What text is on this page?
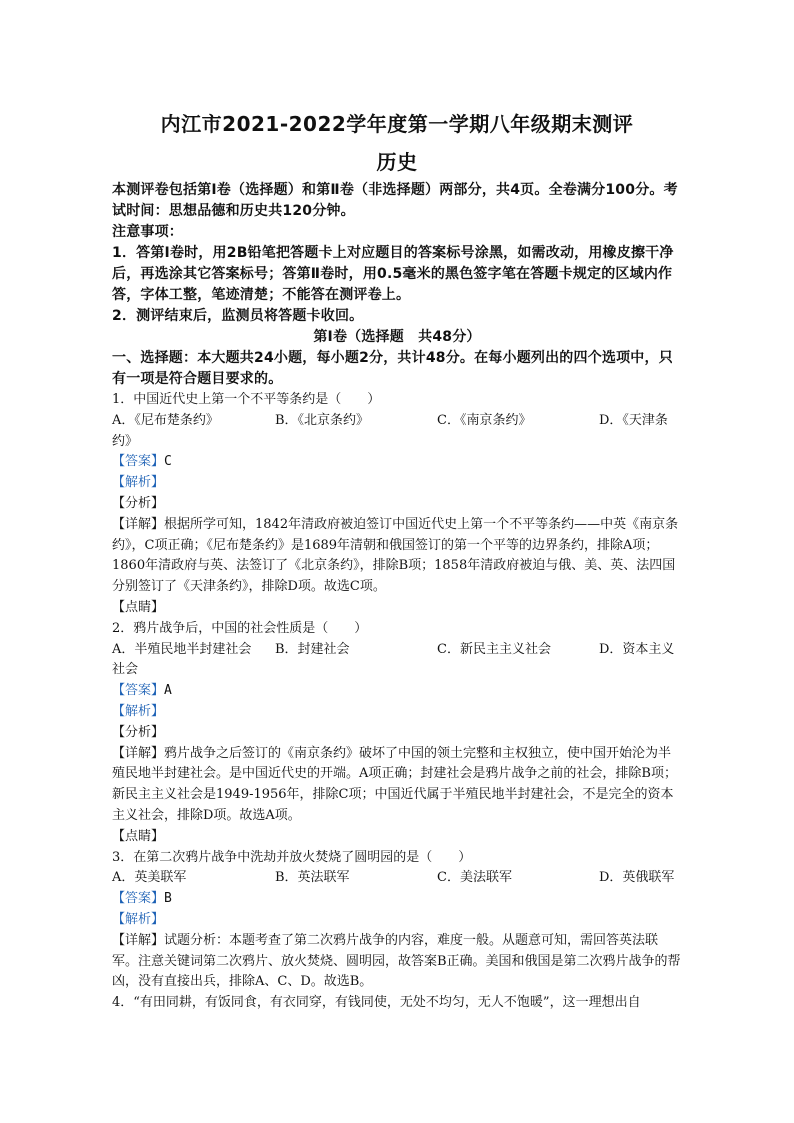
内江市2021-2022学年度第一学期八年级期末测评
历史

本测评卷包括第Ⅰ卷（选择题）和第Ⅱ卷（非选择题）两部分，共4页。全卷满分100分。考试时间：思想品德和历史共120分钟。

注意事项：

1．答第Ⅰ卷时，用2B铅笔把答题卡上对应题目的答案标号涂黑，如需改动，用橡皮擦干净后，再选涂其它答案标号；答第Ⅱ卷时，用0.5毫米的黑色签字笔在答题卡规定的区域内作答，字体工整，笔迹清楚；不能答在测评卷上。

2．测评结束后，监测员将答题卡收回。

第Ⅰ卷（选择题　共48分）

一、选择题：本大题共24小题，每小题2分，共计48分。在每小题列出的四个选项中，只有一项是符合题目要求的。

1．中国近代史上第一个不平等条约是（　　）

A．《尼布楚条约》	B．《北京条约》	C．《南京条约》	D．《天津条
约》

【答案】C

【解析】

【分析】

【详解】根据所学可知，1842年清政府被迫签订中国近代史上第一个不平等条约——中英《南京条约》，C项正确；《尼布楚条约》是1689年清朝和俄国签订的第一个平等的边界条约，排除A项；1860年清政府与英、法签订了《北京条约》，排除B项；1858年清政府被迫与俄、美、英、法四国分别签订了《天津条约》，排除D项。故选C项。

【点睛】

2．鸦片战争后，中国的社会性质是（　　）

A．半殖民地半封建社会	B．封建社会	C．新民主主义社会	D．资本主义
社会

【答案】A

【解析】

【分析】

【详解】鸦片战争之后签订的《南京条约》破坏了中国的领土完整和主权独立，使中国开始沦为半殖民地半封建社会。是中国近代史的开端。A项正确；封建社会是鸦片战争之前的社会，排除B项；新民主主义社会是1949-1956年，排除C项；中国近代属于半殖民地半封建社会，不是完全的资本主义社会，排除D项。故选A项。

【点睛】

3．在第二次鸦片战争中洗劫并放火焚烧了圆明园的是（　　）

A．英美联军	B．英法联军	C．美法联军	D．英俄联军

【答案】B

【解析】

【详解】试题分析：本题考查了第二次鸦片战争的内容，难度一般。从题意可知，需回答英法联军。注意关键词第二次鸦片、放火焚烧、圆明园，故答案B正确。美国和俄国是第二次鸦片战争的帮凶，没有直接出兵，排除A、C、D。故选B。

4．“有田同耕，有饭同食，有衣同穿，有钱同使，无处不均匀，无人不饱暖”，这一理想出自
